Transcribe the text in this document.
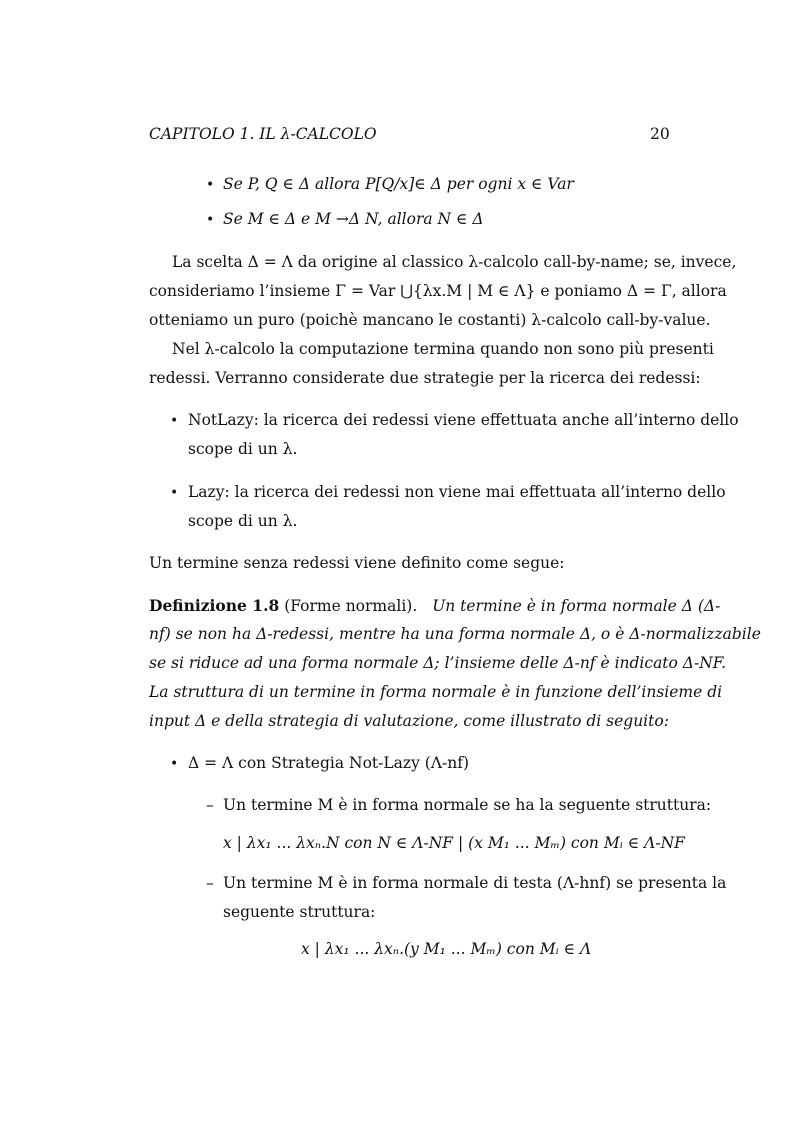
CAPITOLO 1. IL λ-CALCOLO	20
• Se P, Q ∈ Δ allora P[Q/x]∈ Δ per ogni x ∈ Var
• Se M ∈ Δ e M →Δ N, allora N ∈ Δ
La scelta Δ = Λ da origine al classico λ-calcolo call-by-name; se, invece,
consideriamo l’insieme Γ = Var ⋃{λx.M | M ∈ Λ} e poniamo Δ = Γ, allora
otteniamo un puro (poichè mancano le costanti) λ-calcolo call-by-value.
Nel λ-calcolo la computazione termina quando non sono più presenti
redessi. Verranno considerate due strategie per la ricerca dei redessi:
• NotLazy: la ricerca dei redessi viene effettuata anche all’interno dello
scope di un λ.
• Lazy: la ricerca dei redessi non viene mai effettuata all’interno dello
scope di un λ.
Un termine senza redessi viene definito come segue:
Definizione 1.8 (Forme normali). Un termine è in forma normale Δ (Δ-
nf) se non ha Δ-redessi, mentre ha una forma normale Δ, o è Δ-normalizzabile
se si riduce ad una forma normale Δ; l’insieme delle Δ-nf è indicato Δ-NF.
La struttura di un termine in forma normale è in funzione dell’insieme di
input Δ e della strategia di valutazione, come illustrato di seguito:
• Δ = Λ con Strategia Not-Lazy (Λ-nf)
– Un termine M è in forma normale se ha la seguente struttura:
x | λx₁ ... λxₙ.N con N ∈ Λ-NF | (x M₁ ... Mₘ) con Mᵢ ∈ Λ-NF
– Un termine M è in forma normale di testa (Λ-hnf) se presenta la
seguente struttura:
x | λx₁ ... λxₙ.(y M₁ ... Mₘ) con Mᵢ ∈ Λ
